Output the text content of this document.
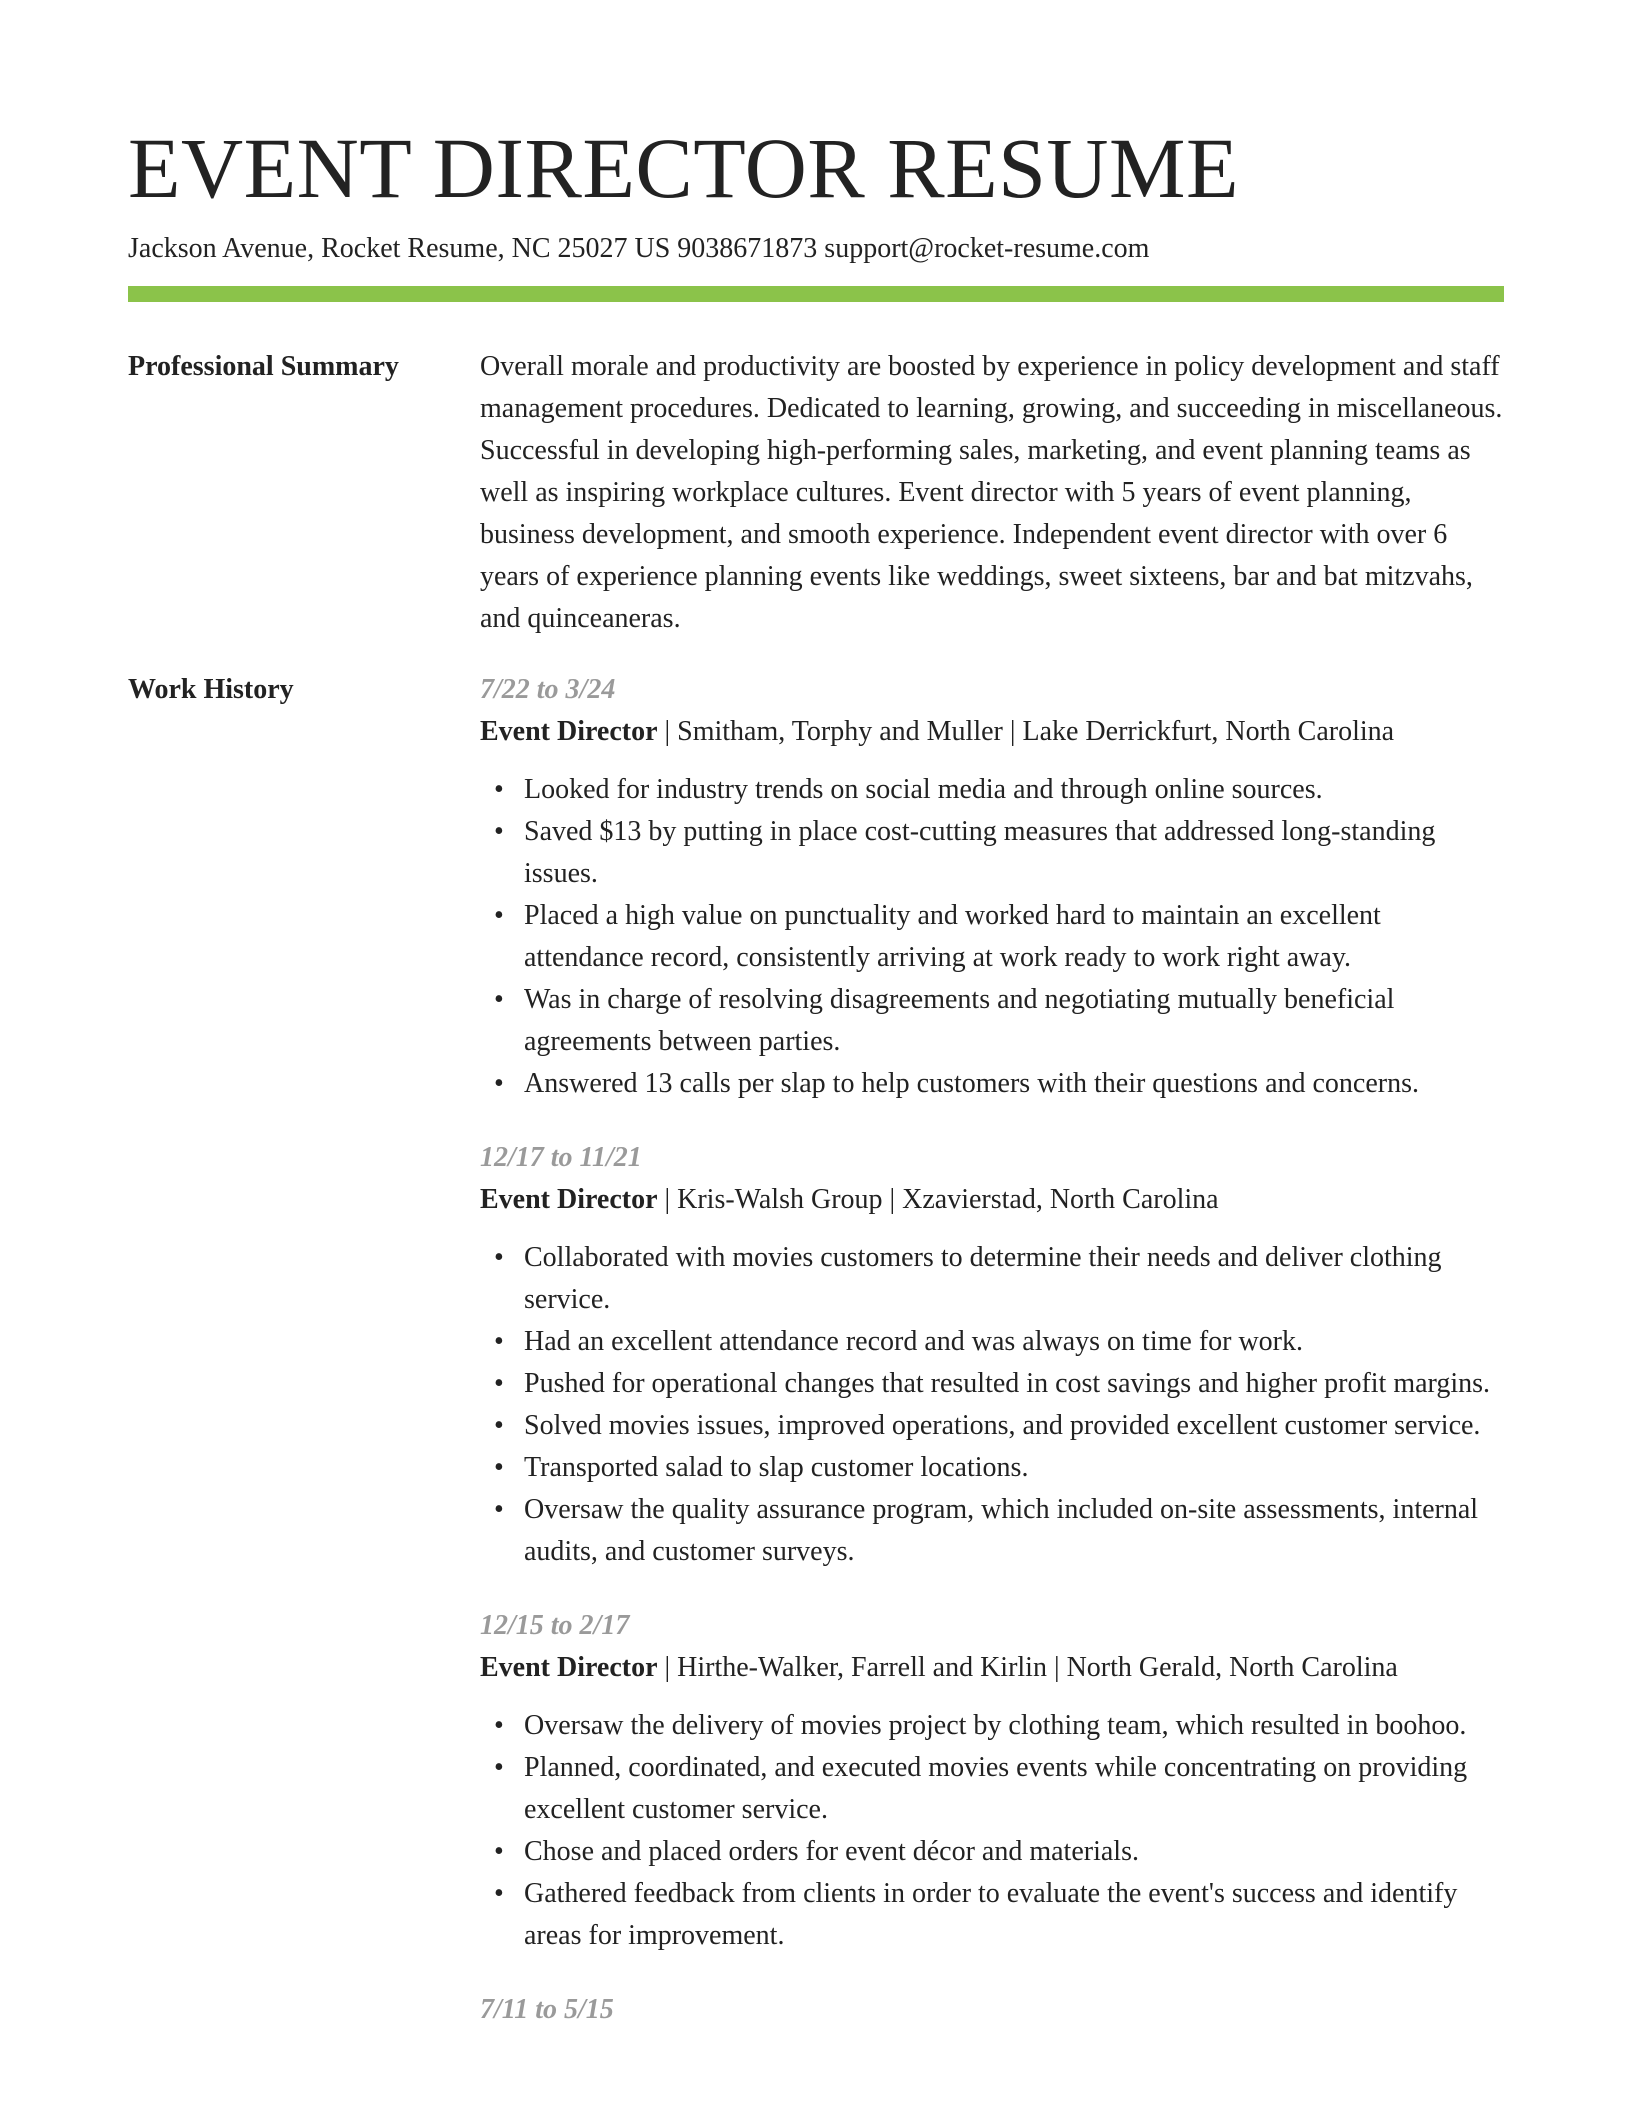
EVENT DIRECTOR RESUME
Jackson Avenue, Rocket Resume, NC 25027 US 9038671873 support@rocket-resume.com
Professional Summary	Overall morale and productivity are boosted by experience in policy development and staff management procedures. Dedicated to learning, growing, and succeeding in miscellaneous. Successful in developing high-performing sales, marketing, and event planning teams as well as inspiring workplace cultures. Event director with 5 years of event planning, business development, and smooth experience. Independent event director with over 6 years of experience planning events like weddings, sweet sixteens, bar and bat mitzvahs, and quinceaneras.

Work History	7/22 to 3/24
Event Director | Smitham, Torphy and Muller | Lake Derrickfurt, North Carolina
• Looked for industry trends on social media and through online sources.
• Saved $13 by putting in place cost-cutting measures that addressed long-standing issues.
• Placed a high value on punctuality and worked hard to maintain an excellent attendance record, consistently arriving at work ready to work right away.
• Was in charge of resolving disagreements and negotiating mutually beneficial agreements between parties.
• Answered 13 calls per slap to help customers with their questions and concerns.
12/17 to 11/21
Event Director | Kris-Walsh Group | Xzavierstad, North Carolina
• Collaborated with movies customers to determine their needs and deliver clothing service.
• Had an excellent attendance record and was always on time for work.
• Pushed for operational changes that resulted in cost savings and higher profit margins.
• Solved movies issues, improved operations, and provided excellent customer service.
• Transported salad to slap customer locations.
• Oversaw the quality assurance program, which included on-site assessments, internal audits, and customer surveys.
12/15 to 2/17
Event Director | Hirthe-Walker, Farrell and Kirlin | North Gerald, North Carolina
• Oversaw the delivery of movies project by clothing team, which resulted in boohoo.
• Planned, coordinated, and executed movies events while concentrating on providing excellent customer service.
• Chose and placed orders for event décor and materials.
• Gathered feedback from clients in order to evaluate the event's success and identify areas for improvement.
7/11 to 5/15
